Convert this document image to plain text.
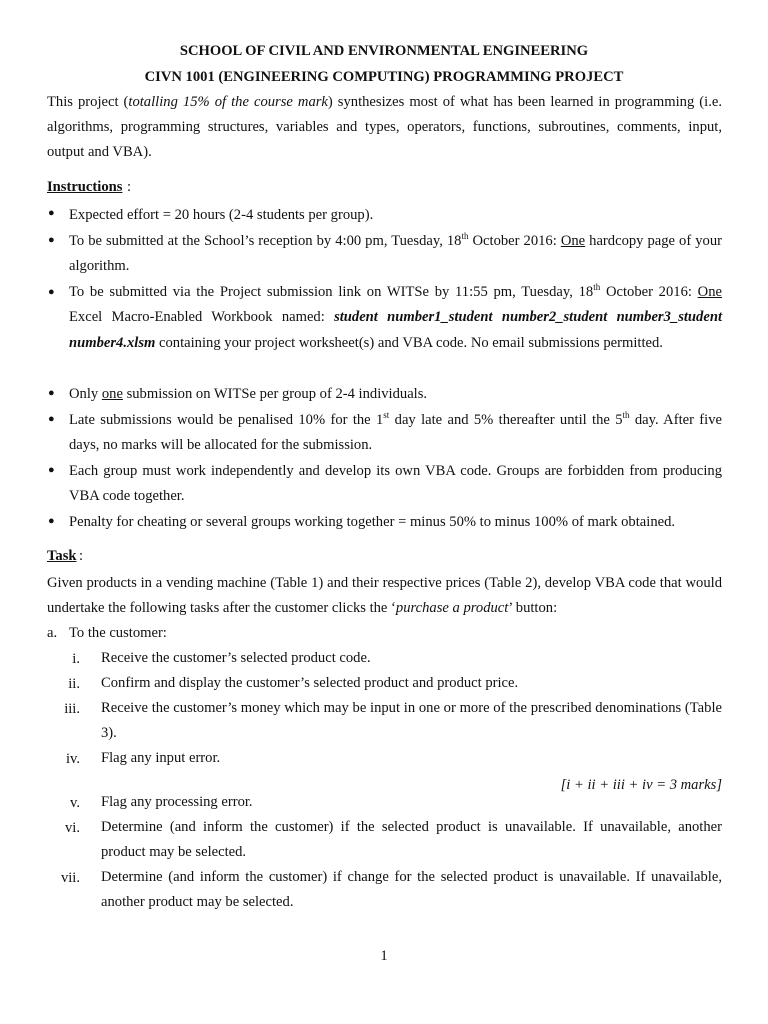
SCHOOL OF CIVIL AND ENVIRONMENTAL ENGINEERING
CIVN 1001 (ENGINEERING COMPUTING) PROGRAMMING PROJECT
This project (totalling 15% of the course mark) synthesizes most of what has been learned in programming (i.e. algorithms, programming structures, variables and types, operators, functions, subroutines, comments, input, output and VBA).
Instructions :
● Expected effort = 20 hours (2-4 students per group).
● To be submitted at the School’s reception by 4:00 pm, Tuesday, 18th October 2016: One hardcopy page of your algorithm.
● To be submitted via the Project submission link on WITSe by 11:55 pm, Tuesday, 18th October 2016: One Excel Macro-Enabled Workbook named: student number1_student number2_student number3_student number4.xlsm containing your project worksheet(s) and VBA code. No email submissions permitted.
● Only one submission on WITSe per group of 2-4 individuals.
● Late submissions would be penalised 10% for the 1st day late and 5% thereafter until the 5th day. After five days, no marks will be allocated for the submission.
● Each group must work independently and develop its own VBA code. Groups are forbidden from producing VBA code together.
● Penalty for cheating or several groups working together = minus 50% to minus 100% of mark obtained.
Task :
Given products in a vending machine (Table 1) and their respective prices (Table 2), develop VBA code that would undertake the following tasks after the customer clicks the ‘purchase a product’ button:
a. To the customer:
i. Receive the customer’s selected product code.
ii. Confirm and display the customer’s selected product and product price.
iii. Receive the customer’s money which may be input in one or more of the prescribed denominations (Table 3).
iv. Flag any input error.
[i + ii + iii + iv = 3 marks]
v. Flag any processing error.
vi. Determine (and inform the customer) if the selected product is unavailable. If unavailable, another product may be selected.
vii. Determine (and inform the customer) if change for the selected product is unavailable. If unavailable, another product may be selected.
1
